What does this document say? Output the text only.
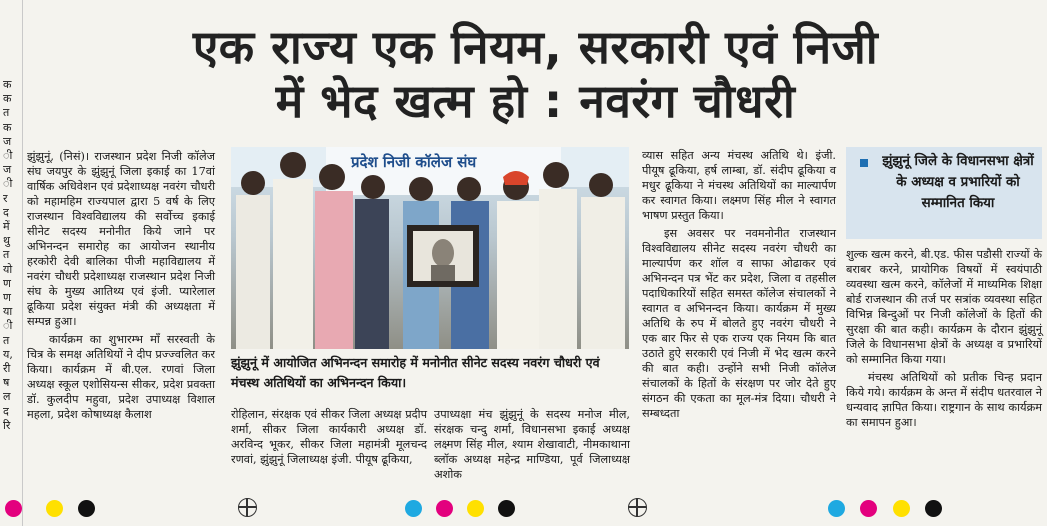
क
क
त
क
ज
ी
ज
ी
र
द
में
थु
त
यो
ण
ण
या
ी
त
य,
री
ष
ल
द
रि
एक राज्य एक नियम, सरकारी एवं निजी
में भेद खत्म हो : नवरंग चौधरी

झुंझुनूं, (निसं)। राजस्थान प्रदेश निजी कॉलेज संघ जयपुर के झुंझुनूं जिला इकाई का 17वां वार्षिक अधिवेशन एवं प्रदेशाध्यक्ष नवरंग चौधरी को महामहिम राज्यपाल द्वारा 5 वर्ष के लिए राजस्थान विश्वविद्यालय की सर्वोच्च इकाई सीनेट सदस्य मनोनीत किये जाने पर अभिनन्दन समारोह का आयोजन स्थानीय हरकोरी देवी बालिका पीजी महाविद्यालय में नवरंग चौधरी प्रदेशाध्यक्ष राजस्थान प्रदेश निजी संघ के मुख्य आतिथ्य एवं इंजी. प्यारेलाल ढूकिया प्रदेश संयुक्त मंत्री की अध्यक्षता में सम्पन्न हुआ।

कार्यक्रम का शुभारम्भ माँ सरस्वती के चित्र के समक्ष अतिथियों ने दीप प्रज्ज्वलित कर किया। कार्यक्रम में बी.एल. रणवां जिला अध्यक्ष स्कूल एशोसियन्स सीकर, प्रदेश प्रवक्ता डॉ. कुलदीप महुवा, प्रदेश उपाध्यक्ष विशाल महला, प्रदेश कोषाध्यक्ष कैलाश

प्रदेश निजी कॉलेज संघ
झुंझुनूं में आयोजित अभिनन्दन समारोह में मनोनीत सीनेट सदस्य नवरंग चौधरी एवं मंचस्थ अतिथियों का अभिनन्दन किया।

रोहिलान, संरक्षक एवं सीकर जिला अध्यक्ष प्रदीप शर्मा, सीकर जिला कार्यकारी अध्यक्ष डॉ. अरविन्द भूकर, सीकर जिला महामंत्री मूलचन्द रणवां, झुंझुनूं जिलाध्यक्ष इंजी. पीयूष ढूकिया,

उपाध्यक्षा मंच झुंझुनूं के सदस्य मनोज मील, संरक्षक चन्दु शर्मा, विधानसभा इकाई अध्यक्ष लक्ष्मण सिंह मील, श्याम शेखावाटी, नीमकाथाना ब्लॉक अध्यक्ष महेन्द्र माण्डिया, पूर्व जिलाध्यक्ष अशोक

व्यास सहित अन्य मंचस्थ अतिथि थे। इंजी. पीयूष ढूकिया, हर्ष लाम्बा, डॉ. संदीप ढूकिया व मधुर ढूकिया ने मंचस्थ अतिथियों का माल्यार्पण कर स्वागत किया। लक्ष्मण सिंह मील ने स्वागत भाषण प्रस्तुत किया।

इस अवसर पर नवमनोनीत राजस्थान विश्वविद्यालय सीनेट सदस्य नवरंग चौधरी का माल्यार्पण कर शॉल व साफा ओढाकर एवं अभिनन्दन पत्र भेंट कर प्रदेश, जिला व तहसील पदाधिकारियों सहित समस्त कॉलेज संचालकों ने स्वागत व अभिनन्दन किया। कार्यक्रम में मुख्य अतिथि के रुप में बोलते हुए नवरंग चौधरी ने एक बार फिर से एक राज्य एक नियम कि बात उठाते हुऐ सरकारी एवं निजी में भेद खत्म करने की बात कही। उन्होंने सभी निजी कॉलेज संचालकों के हितों के संरक्षण पर जोर देते हुए संगठन की एकता का मूल-मंत्र दिया। चौधरी ने सम्बध्दता

झुंझुनूं जिले के विधानसभा क्षेत्रों के अध्यक्ष व प्रभारियों को सम्मानित किया

शुल्क खत्म करने, बी.एड. फीस पडौसी राज्यों के बराबर करने, प्रायोगिक विषयों में स्वयंपाठी व्यवस्था खत्म करने, कॉलेजों में माध्यमिक शिक्षा बोर्ड राजस्थान की तर्ज पर सत्रांक व्यवस्था सहित विभिन्न बिन्दुओं पर निजी कॉलेजों के हितों की सुरक्षा की बात कही। कार्यक्रम के दौरान झुंझुनूं जिले के विधानसभा क्षेत्रों के अध्यक्ष व प्रभारियों को सम्मानित किया गया।

मंचस्थ अतिथियों को प्रतीक चिन्ह प्रदान किये गये। कार्यक्रम के अन्त में संदीप धतरवाल ने धन्यवाद ज्ञापित किया। राष्ट्रगान के साथ कार्यक्रम का समापन हुआ।
